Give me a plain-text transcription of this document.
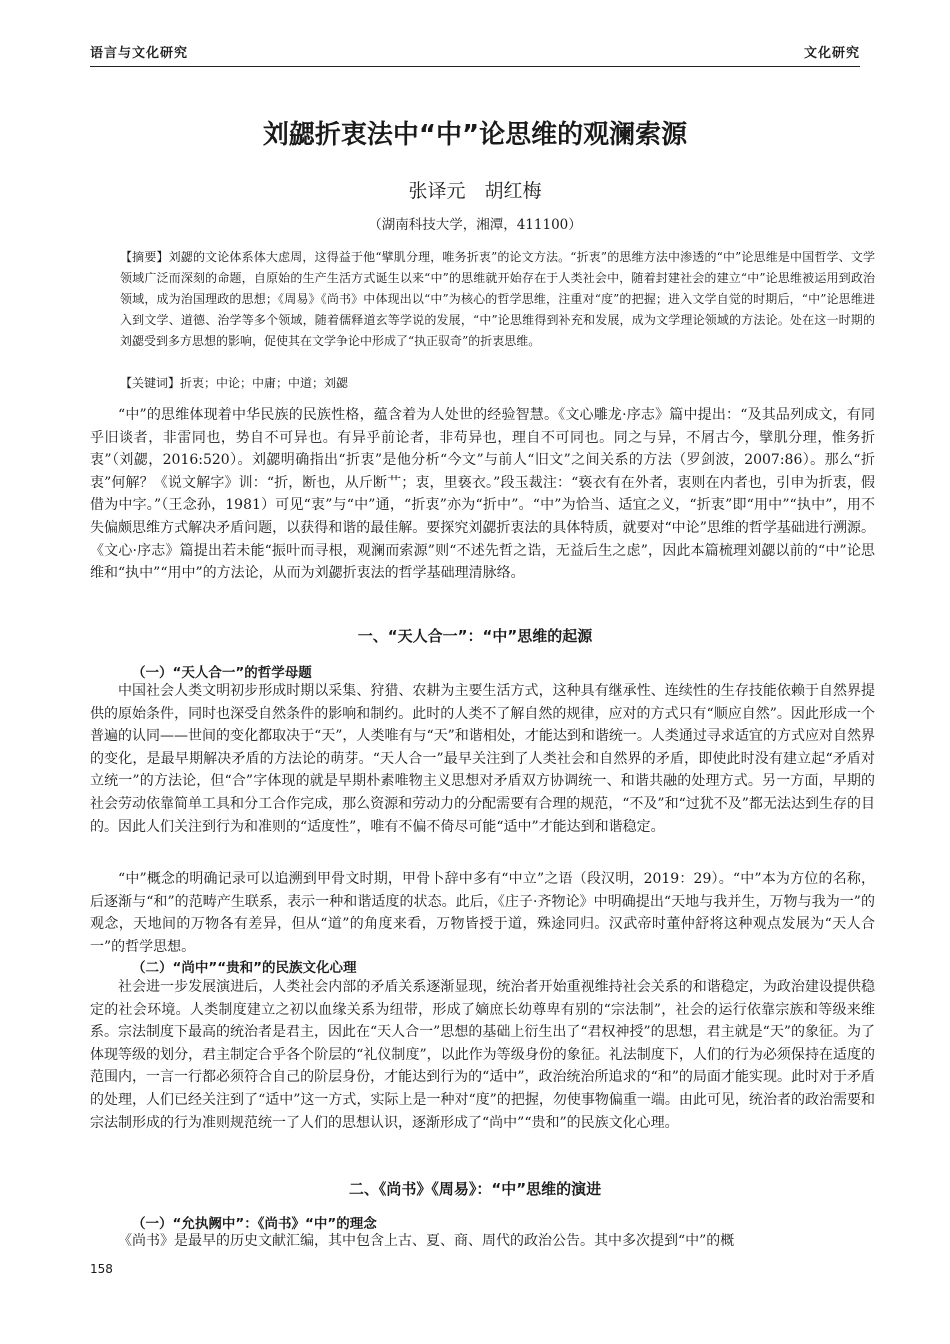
语言与文化研究	文化研究
刘勰折衷法中“中”论思维的观澜索源
张译元　胡红梅
（湖南科技大学，湘潭，411100）
【摘要】刘勰的文论体系体大虑周，这得益于他“擘肌分理，唯务折衷”的论文方法。“折衷”的思维方法中渗透的“中”论思维是中国哲学、文学领域广泛而深刻的命题，自原始的生产生活方式诞生以来“中”的思维就开始存在于人类社会中，随着封建社会的建立“中”论思维被运用到政治领域，成为治国理政的思想；《周易》《尚书》中体现出以“中”为核心的哲学思维，注重对“度”的把握；进入文学自觉的时期后，“中”论思维进入到文学、道德、治学等多个领域，随着儒释道玄等学说的发展，“中”论思维得到补充和发展，成为文学理论领域的方法论。处在这一时期的刘勰受到多方思想的影响，促使其在文学争论中形成了“执正驭奇”的折衷思维。
【关键词】折衷；中论；中庸；中道；刘勰
“中”的思维体现着中华民族的民族性格，蕴含着为人处世的经验智慧。《文心雕龙·序志》篇中提出：“及其品列成文，有同乎旧谈者，非雷同也，势自不可异也。有异乎前论者，非苟异也，理自不可同也。同之与异，不屑古今，擘肌分理，惟务折衷”（刘勰，2016:520）。刘勰明确指出“折衷”是他分析“今文”与前人“旧文”之间关系的方法（罗剑波，2007:86）。那么“折衷”何解？《说文解字》训：“折，断也，从斤断艹；衷，里亵衣。”段玉裁注：“亵衣有在外者，衷则在内者也，引申为折衷，假借为中字。”（王念孙，1981）可见“衷”与“中”通，“折衷”亦为“折中”。“中”为恰当、适宜之义，“折衷”即“用中”“执中”，用不失偏颇思维方式解决矛盾问题，以获得和谐的最佳解。要探究刘勰折衷法的具体特质，就要对“中论”思维的哲学基础进行溯源。《文心·序志》篇提出若未能“振叶而寻根，观澜而索源”则“不述先哲之诰，无益后生之虑”，因此本篇梳理刘勰以前的“中”论思维和“执中”“用中”的方法论，从而为刘勰折衷法的哲学基础理清脉络。
一、“天人合一”：“中”思维的起源
（一）“天人合一”的哲学母题
中国社会人类文明初步形成时期以采集、狩猎、农耕为主要生活方式，这种具有继承性、连续性的生存技能依赖于自然界提供的原始条件，同时也深受自然条件的影响和制约。此时的人类不了解自然的规律，应对的方式只有“顺应自然”。因此形成一个普遍的认同——世间的变化都取决于“天”，人类唯有与“天”和谐相处，才能达到和谐统一。人类通过寻求适宜的方式应对自然界的变化，是最早期解决矛盾的方法论的萌芽。“天人合一”最早关注到了人类社会和自然界的矛盾，即使此时没有建立起“矛盾对立统一”的方法论，但“合”字体现的就是早期朴素唯物主义思想对矛盾双方协调统一、和谐共融的处理方式。另一方面，早期的社会劳动依靠简单工具和分工合作完成，那么资源和劳动力的分配需要有合理的规范，“不及”和“过犹不及”都无法达到生存的目的。因此人们关注到行为和准则的“适度性”，唯有不偏不倚尽可能“适中”才能达到和谐稳定。
“中”概念的明确记录可以追溯到甲骨文时期，甲骨卜辞中多有“中立”之语（段汉明，2019：29）。“中”本为方位的名称，后逐渐与“和”的范畴产生联系，表示一种和谐适度的状态。此后，《庄子·齐物论》中明确提出“天地与我并生，万物与我为一”的观念，天地间的万物各有差异，但从“道”的角度来看，万物皆授于道，殊途同归。汉武帝时董仲舒将这种观点发展为“天人合一”的哲学思想。
（二）“尚中”“贵和”的民族文化心理
社会进一步发展演进后，人类社会内部的矛盾关系逐渐显现，统治者开始重视维持社会关系的和谐稳定，为政治建设提供稳定的社会环境。人类制度建立之初以血缘关系为纽带，形成了嫡庶长幼尊卑有别的“宗法制”，社会的运行依靠宗族和等级来维系。宗法制度下最高的统治者是君主，因此在“天人合一”思想的基础上衍生出了“君权神授”的思想，君主就是“天”的象征。为了体现等级的划分，君主制定合乎各个阶层的“礼仪制度”，以此作为等级身份的象征。礼法制度下，人们的行为必须保持在适度的范围内，一言一行都必须符合自己的阶层身份，才能达到行为的“适中”，政治统治所追求的“和”的局面才能实现。此时对于矛盾的处理，人们已经关注到了“适中”这一方式，实际上是一种对“度”的把握，勿使事物偏重一端。由此可见，统治者的政治需要和宗法制形成的行为准则规范统一了人们的思想认识，逐渐形成了“尚中”“贵和”的民族文化心理。
二、《尚书》《周易》：“中”思维的演进
（一）“允执阙中”：《尚书》“中”的理念
《尚书》是最早的历史文献汇编，其中包含上古、夏、商、周代的政治公告。其中多次提到“中”的概
158
